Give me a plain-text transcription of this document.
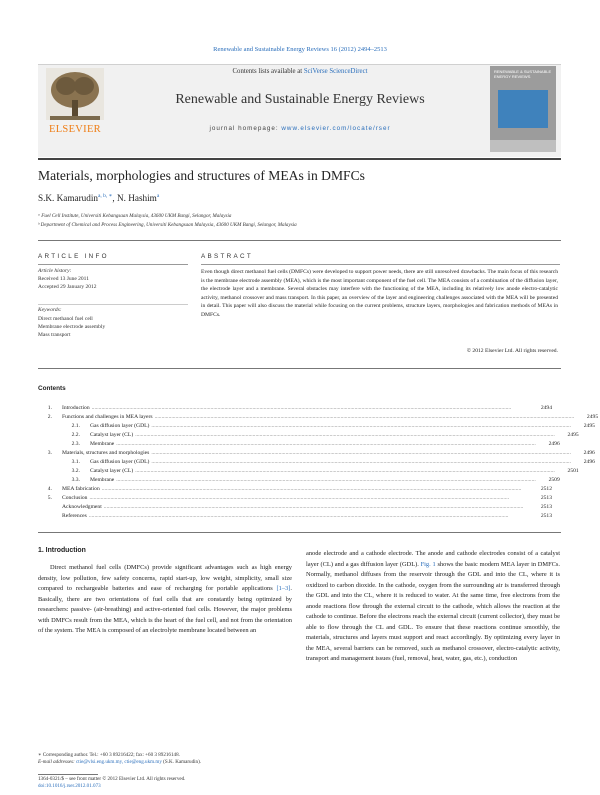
Renewable and Sustainable Energy Reviews 16 (2012) 2494–2513
ELSEVIER
Contents lists available at SciVerse ScienceDirect
Renewable and Sustainable Energy Reviews
journal homepage: www.elsevier.com/locate/rser
RENEWABLE & SUSTAINABLE ENERGY REVIEWS
Materials, morphologies and structures of MEAs in DMFCs
S.K. Kamarudin$^{a, b, ∗}$, N. Hashim$^a$
ᵃ Fuel Cell Institute, Universiti Kebangsaan Malaysia, 43600 UKM Bangi, Selangor, Malaysia
ᵇ Department of Chemical and Process Engineering, Universiti Kebangsaan Malaysia, 43600 UKM Bangi, Selangor, Malaysia
ARTICLE INFO
Article history:
Received 13 June 2011
Accepted 29 January 2012
Keywords:
Direct methanol fuel cell
Membrane electrode assembly
Mass transport
ABSTRACT
Even though direct methanol fuel cells (DMFCs) were developed to support power needs, there are still unresolved drawbacks. The main focus of this research is the membrane electrode assembly (MEA), which is the most important component of the fuel cell. The MEA consists of a combination of the diffusion layer, the electrode layer and a membrane. Several obstacles may interfere with the functioning of the MEA, including its relatively low anode electro-catalytic activity, methanol crossover and mass transport. In this paper, an overview of the layer and engineering challenges associated with the MEA will be presented in detail. This paper will also discuss the material while focusing on the current problems, structure layers, morphologies and fabrication methods of MEAs in DMFCs.
© 2012 Elsevier Ltd. All rights reserved.
Contents
1. Introduction ............................................................................................................................................................................................................................................................................................................	2494
2. Functions and challenges in MEA layers ............................................................................................................................................................................................................................................................................................................	2495
2.1. Gas diffusion layer (GDL) ............................................................................................................................................................................................................................................................................................................	2495
2.2. Catalyst layer (CL) ............................................................................................................................................................................................................................................................................................................	2495
2.3. Membrane ............................................................................................................................................................................................................................................................................................................	2496
3. Materials, structures and morphologies ............................................................................................................................................................................................................................................................................................................	2496
3.1. Gas diffusion layer (GDL) ............................................................................................................................................................................................................................................................................................................	2496
3.2. Catalyst layer (CL) ............................................................................................................................................................................................................................................................................................................	2501
3.3. Membrane ............................................................................................................................................................................................................................................................................................................	2509
4. MEA fabrication ............................................................................................................................................................................................................................................................................................................	2512
5. Conclusion ............................................................................................................................................................................................................................................................................................................	2513
Acknowledgment ............................................................................................................................................................................................................................................................................................................	2513
References ............................................................................................................................................................................................................................................................................................................	2513
1. Introduction
Direct methanol fuel cells (DMFCs) provide significant advantages such as high energy density, low pollution, few safety concerns, rapid start-up, low weight, simplicity, small size compared to rechargeable batteries and ease of recharging for portable applications [1–3]. Basically, there are two orientations of fuel cells that are constantly being optimized by researchers: passive- (air-breathing) and active-oriented fuel cells. However, the major problems with DMFCs result from the MEA, which is the heart of the fuel cell, and not from the orientation of the system. The MEA is composed of an electrolyte membrane located between an
anode electrode and a cathode electrode. The anode and cathode electrodes consist of a catalyst layer (CL) and a gas diffusion layer (GDL). Fig. 1 shows the basic modern MEA layer in DMFCs. Normally, methanol diffuses from the reservoir through the GDL and into the CL, where it is oxidized to carbon dioxide. In the cathode, oxygen from the surrounding air is transferred through the GDL and into the CL, where it is reduced to water. At the same time, free electrons from the anode reactions flow through the external circuit to the cathode, which allows the reaction at the cathode to continue. Before the electrons reach the external circuit (current collector), they must be able to flow through the CL and GDL. To ensure that these reactions continue smoothly, the materials, structures and layers must support and react accordingly. By optimizing every layer in the MEA, several barriers can be removed, such as methanol crossover, electro-catalytic activity, transport and management issues (fuel, removal, heat, water, gas, etc.), conduction
∗ Corresponding author. Tel.: +60 3 89216422; fax: +60 3 89216148.
E-mail addresses: ctie@vlsi.eng.ukm.my, ctie@eng.ukm.my (S.K. Kamarudin).
1364-0321/$ – see front matter © 2012 Elsevier Ltd. All rights reserved.
doi:10.1016/j.rser.2012.01.073
